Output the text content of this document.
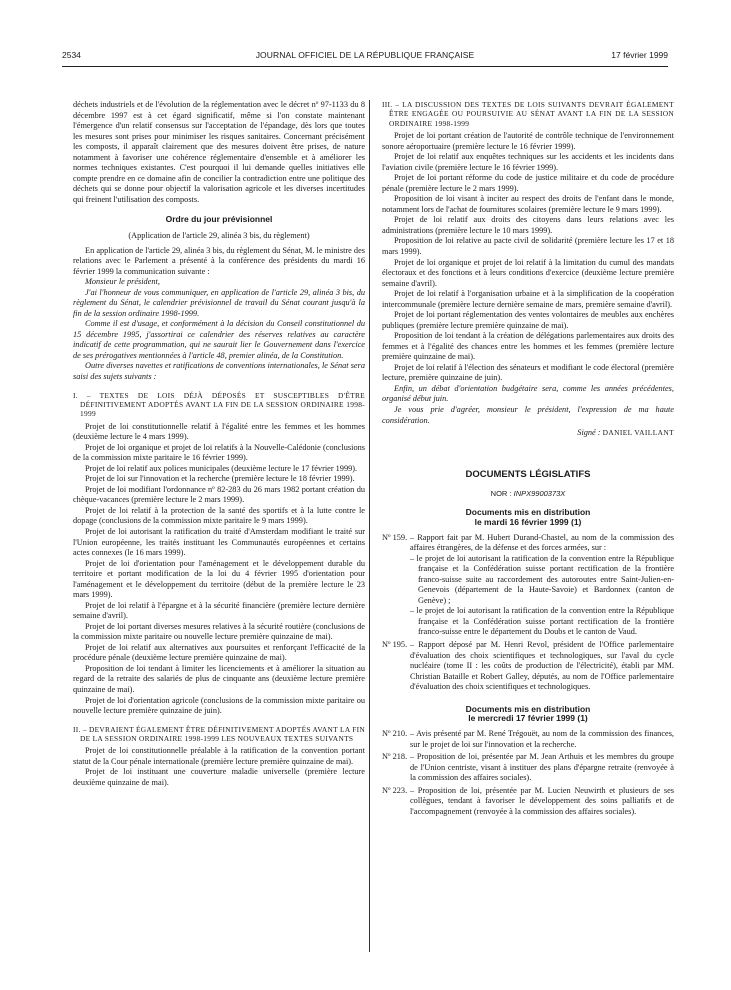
2534	JOURNAL OFFICIEL DE LA RÉPUBLIQUE FRANÇAISE	17 février 1999

déchets industriels et de l'évolution de la réglementation avec le décret nº 97-1133 du 8 décembre 1997 est à cet égard significatif, même si l'on constate maintenant l'émergence d'un relatif consensus sur l'acceptation de l'épandage, dès lors que toutes les mesures sont prises pour minimiser les risques sanitaires. Concernant précisément les composts, il apparaît clairement que des mesures doivent être prises, de nature notamment à favoriser une cohérence réglementaire d'ensemble et à améliorer les normes techniques existantes. C'est pourquoi il lui demande quelles initiatives elle compte prendre en ce domaine afin de concilier la contradiction entre une politique des déchets qui se donne pour objectif la valorisation agricole et les diverses incertitudes qui freinent l'utilisation des composts.

Ordre du jour prévisionnel

(Application de l'article 29, alinéa 3 bis, du règlement)

En application de l'article 29, alinéa 3 bis, du règlement du Sénat, M. le ministre des relations avec le Parlement a présenté à la conférence des présidents du mardi 16 février 1999 la communication suivante :

Monsieur le président,

J'ai l'honneur de vous communiquer, en application de l'article 29, alinéa 3 bis, du règlement du Sénat, le calendrier prévisionnel de travail du Sénat courant jusqu'à la fin de la session ordinaire 1998-1999.

Comme il est d'usage, et conformément à la décision du Conseil constitutionnel du 15 décembre 1995, j'assortirai ce calendrier des réserves relatives au caractère indicatif de cette programmation, qui ne saurait lier le Gouvernement dans l'exercice de ses prérogatives mentionnées à l'article 48, premier alinéa, de la Constitution.

Outre diverses navettes et ratifications de conventions internationales, le Sénat sera saisi des sujets suivants :

I. – TEXTES DE LOIS DÉJÀ DÉPOSÉS ET SUSCEPTIBLES D'ÊTRE DÉFINITIVEMENT ADOPTÉS AVANT LA FIN DE LA SESSION ORDINAIRE 1998-1999

Projet de loi constitutionnelle relatif à l'égalité entre les femmes et les hommes (deuxième lecture le 4 mars 1999).

Projet de loi organique et projet de loi relatifs à la Nouvelle-Calédonie (conclusions de la commission mixte paritaire le 16 février 1999).

Projet de loi relatif aux polices municipales (deuxième lecture le 17 février 1999).

Projet de loi sur l'innovation et la recherche (première lecture le 18 février 1999).

Projet de loi modifiant l'ordonnance nº 82-283 du 26 mars 1982 portant création du chèque-vacances (première lecture le 2 mars 1999).

Projet de loi relatif à la protection de la santé des sportifs et à la lutte contre le dopage (conclusions de la commission mixte paritaire le 9 mars 1999).

Projet de loi autorisant la ratification du traité d'Amsterdam modifiant le traité sur l'Union européenne, les traités instituant les Communautés européennes et certains actes connexes (le 16 mars 1999).

Projet de loi d'orientation pour l'aménagement et le développement durable du territoire et portant modification de la loi du 4 février 1995 d'orientation pour l'aménagement et le développement du territoire (début de la première lecture le 23 mars 1999).

Projet de loi relatif à l'épargne et à la sécurité financière (première lecture dernière semaine d'avril).

Projet de loi portant diverses mesures relatives à la sécurité routière (conclusions de la commission mixte paritaire ou nouvelle lecture première quinzaine de mai).

Projet de loi relatif aux alternatives aux poursuites et renforçant l'efficacité de la procédure pénale (deuxième lecture première quinzaine de mai).

Proposition de loi tendant à limiter les licenciements et à améliorer la situation au regard de la retraite des salariés de plus de cinquante ans (deuxième lecture première quinzaine de mai).

Projet de loi d'orientation agricole (conclusions de la commission mixte paritaire ou nouvelle lecture première quinzaine de juin).

II. – DEVRAIENT ÉGALEMENT ÊTRE DÉFINITIVEMENT ADOPTÉS AVANT LA FIN DE LA SESSION ORDINAIRE 1998-1999 LES NOUVEAUX TEXTES SUIVANTS

Projet de loi constitutionnelle préalable à la ratification de la convention portant statut de la Cour pénale internationale (première lecture première quinzaine de mai).

Projet de loi instituant une couverture maladie universelle (première lecture deuxième quinzaine de mai).

III. – LA DISCUSSION DES TEXTES DE LOIS SUIVANTS DEVRAIT ÉGALEMENT ÊTRE ENGAGÉE OU POURSUIVIE AU SÉNAT AVANT LA FIN DE LA SESSION ORDINAIRE 1998-1999

Projet de loi portant création de l'autorité de contrôle technique de l'environnement sonore aéroportuaire (première lecture le 16 février 1999).

Projet de loi relatif aux enquêtes techniques sur les accidents et les incidents dans l'aviation civile (première lecture le 16 février 1999).

Projet de loi portant réforme du code de justice militaire et du code de procédure pénale (première lecture le 2 mars 1999).

Proposition de loi visant à inciter au respect des droits de l'enfant dans le monde, notamment lors de l'achat de fournitures scolaires (première lecture le 9 mars 1999).

Projet de loi relatif aux droits des citoyens dans leurs relations avec les administrations (première lecture le 10 mars 1999).

Proposition de loi relative au pacte civil de solidarité (première lecture les 17 et 18 mars 1999).

Projet de loi organique et projet de loi relatif à la limitation du cumul des mandats électoraux et des fonctions et à leurs conditions d'exercice (deuxième lecture première semaine d'avril).

Projet de loi relatif à l'organisation urbaine et à la simplification de la coopération intercommunale (première lecture dernière semaine de mars, première semaine d'avril).

Projet de loi portant réglementation des ventes volontaires de meubles aux enchères publiques (première lecture première quinzaine de mai).

Proposition de loi tendant à la création de délégations parlementaires aux droits des femmes et à l'égalité des chances entre les hommes et les femmes (première lecture première quinzaine de mai).

Projet de loi relatif à l'élection des sénateurs et modifiant le code électoral (première lecture, première quinzaine de juin).

Enfin, un débat d'orientation budgétaire sera, comme les années précédentes, organisé début juin.

Je vous prie d'agréer, monsieur le président, l'expression de ma haute considération.

Signé : DANIEL VAILLANT

DOCUMENTS LÉGISLATIFS
NOR : INPX9900373X
Documents mis en distribution
le mardi 16 février 1999 (1)
Nº 159. – Rapport fait par M. Hubert Durand-Chastel, au nom de la commission des affaires étrangères, de la défense et des forces armées, sur :
– le projet de loi autorisant la ratification de la convention entre la République française et la Confédération suisse portant rectification de la frontière franco-suisse suite au raccordement des autoroutes entre Saint-Julien-en-Genevois (département de la Haute-Savoie) et Bardonnex (canton de Genève) ;
– le projet de loi autorisant la ratification de la convention entre la République française et la Confédération suisse portant rectification de la frontière franco-suisse entre le département du Doubs et le canton de Vaud.
Nº 195. – Rapport déposé par M. Henri Revol, président de l'Office parlementaire d'évaluation des choix scientifiques et technologiques, sur l'aval du cycle nucléaire (tome II : les coûts de production de l'électricité), établi par MM. Christian Bataille et Robert Galley, députés, au nom de l'Office parlementaire d'évaluation des choix scientifiques et technologiques.
Documents mis en distribution
le mercredi 17 février 1999 (1)
Nº 210. – Avis présenté par M. René Trégouët, au nom de la commission des finances, sur le projet de loi sur l'innovation et la recherche.
Nº 218. – Proposition de loi, présentée par M. Jean Arthuis et les membres du groupe de l'Union centriste, visant à instituer des plans d'épargne retraite (renvoyée à la commission des affaires sociales).
Nº 223. – Proposition de loi, présentée par M. Lucien Neuwirth et plusieurs de ses collègues, tendant à favoriser le développement des soins palliatifs et de l'accompagnement (renvoyée à la commission des affaires sociales).
